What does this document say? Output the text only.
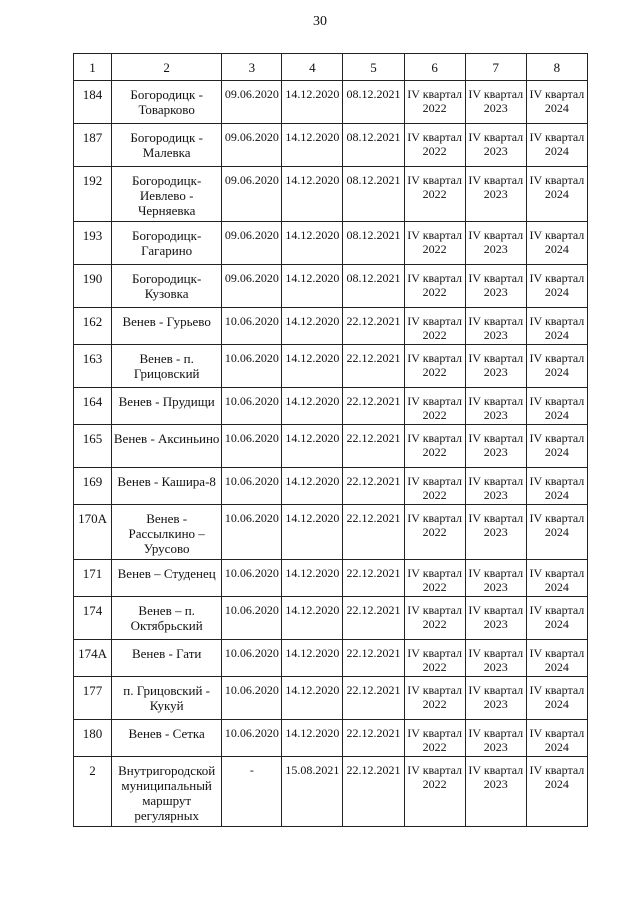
30
1	2	3	4	5	6	7	8
184	Богородицк - Товарково	09.06.2020	14.12.2020	08.12.2021	IV квартал 2022	IV квартал 2023	IV квартал 2024
187	Богородицк - Малевка	09.06.2020	14.12.2020	08.12.2021	IV квартал 2022	IV квартал 2023	IV квартал 2024
192	Богородицк-Иевлево - Черняевка	09.06.2020	14.12.2020	08.12.2021	IV квартал 2022	IV квартал 2023	IV квартал 2024
193	Богородицк-Гагарино	09.06.2020	14.12.2020	08.12.2021	IV квартал 2022	IV квартал 2023	IV квартал 2024
190	Богородицк-Кузовка	09.06.2020	14.12.2020	08.12.2021	IV квартал 2022	IV квартал 2023	IV квартал 2024
162	Венев - Гурьево	10.06.2020	14.12.2020	22.12.2021	IV квартал 2022	IV квартал 2023	IV квартал 2024
163	Венев - п. Грицовский	10.06.2020	14.12.2020	22.12.2021	IV квартал 2022	IV квартал 2023	IV квартал 2024
164	Венев - Прудищи	10.06.2020	14.12.2020	22.12.2021	IV квартал 2022	IV квартал 2023	IV квартал 2024
165	Венев - Аксиньино	10.06.2020	14.12.2020	22.12.2021	IV квартал 2022	IV квартал 2023	IV квартал 2024
169	Венев - Кашира-8	10.06.2020	14.12.2020	22.12.2021	IV квартал 2022	IV квартал 2023	IV квартал 2024
170А	Венев - Рассылкино – Урусово	10.06.2020	14.12.2020	22.12.2021	IV квартал 2022	IV квартал 2023	IV квартал 2024
171	Венев – Студенец	10.06.2020	14.12.2020	22.12.2021	IV квартал 2022	IV квартал 2023	IV квартал 2024
174	Венев – п. Октябрьский	10.06.2020	14.12.2020	22.12.2021	IV квартал 2022	IV квартал 2023	IV квартал 2024
174А	Венев - Гати	10.06.2020	14.12.2020	22.12.2021	IV квартал 2022	IV квартал 2023	IV квартал 2024
177	п. Грицовский - Кукуй	10.06.2020	14.12.2020	22.12.2021	IV квартал 2022	IV квартал 2023	IV квартал 2024
180	Венев - Сетка	10.06.2020	14.12.2020	22.12.2021	IV квартал 2022	IV квартал 2023	IV квартал 2024
2	Внутригородской муниципальный маршрут регулярных	-	15.08.2021	22.12.2021	IV квартал 2022	IV квартал 2023	IV квартал 2024
